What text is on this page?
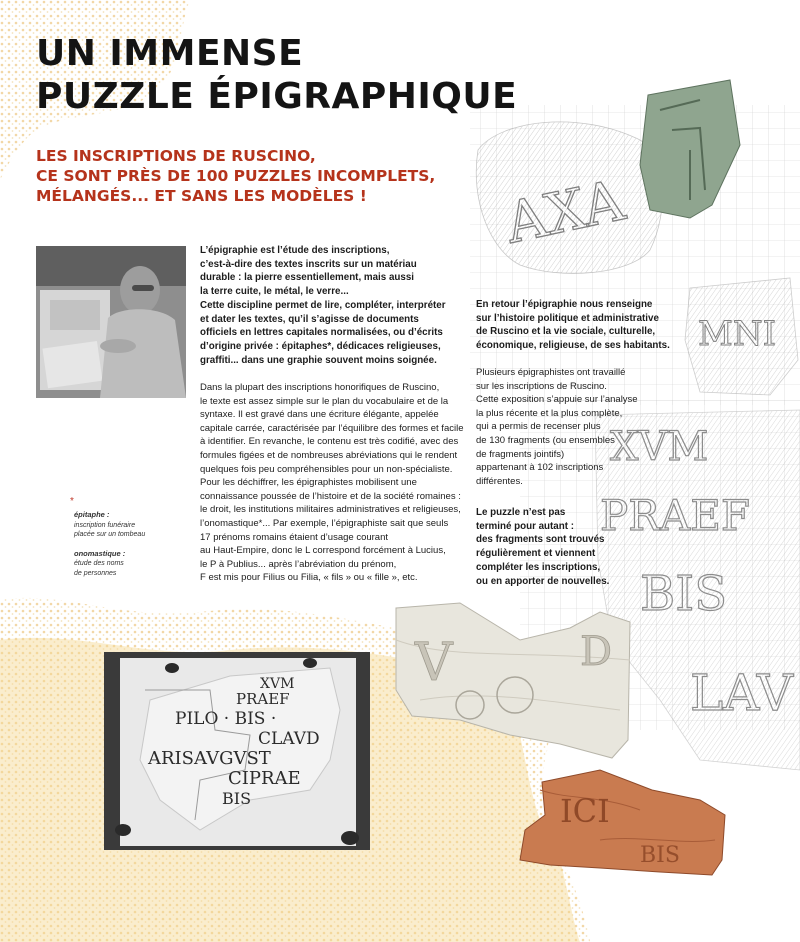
AXA
MNI
XVM
PRAEF
BIS
LAV
V	D
ICI
BIS
XVM
PRAEF
PILO · BIS ·
CLAVD
ARISAVGVST
CIPRAE
BIS
UN IMMENSE
PUZZLE ÉPIGRAPHIQUE
LES INSCRIPTIONS DE RUSCINO,
CE SONT PRÈS DE 100 PUZZLES INCOMPLETS,
MÉLANGÉS... ET SANS LES MODÈLES !

L’épigraphie est l’étude des inscriptions,

c’est-à-dire des textes inscrits sur un matériau

durable : la pierre essentiellement, mais aussi

la terre cuite, le métal, le verre...

Cette discipline permet de lire, compléter, interpréter

et dater les textes, qu’il s’agisse de documents

officiels en lettres capitales normalisées, ou d’écrits

d’origine privée : épitaphes*, dédicaces religieuses,

graffiti... dans une graphie souvent moins soignée.

Dans la plupart des inscriptions honorifiques de Ruscino,

le texte est assez simple sur le plan du vocabulaire et de la

syntaxe. Il est gravé dans une écriture élégante, appelée

capitale carrée, caractérisée par l’équilibre des formes et facile

à identifier. En revanche, le contenu est très codifié, avec des

formules figées et de nombreuses abréviations qui le rendent

quelques fois peu compréhensibles pour un non-spécialiste.

Pour les déchiffrer, les épigraphistes mobilisent une

connaissance poussée de l’histoire et de la société romaines :

le droit, les institutions militaires administratives et religieuses,

l’onomastique*... Par exemple, l’épigraphiste sait que seuls

17 prénoms romains étaient d’usage courant

au Haut-Empire, donc le L correspond forcément à Lucius,

le P à Publius... après l’abréviation du prénom,

F est mis pour Filius ou Filia, « fils » ou « fille », etc.

En retour l’épigraphie nous renseigne

sur l’histoire politique et administrative

de Ruscino et la vie sociale, culturelle,

économique, religieuse, de ses habitants.

Plusieurs épigraphistes ont travaillé

sur les inscriptions de Ruscino.

Cette exposition s’appuie sur l’analyse

la plus récente et la plus complète,

qui a permis de recenser plus

de 130 fragments (ou ensembles

de fragments jointifs)

appartenant à 102 inscriptions

différentes.

Le puzzle n’est pas

terminé pour autant :

des fragments sont trouvés

régulièrement et viennent

compléter les inscriptions,

ou en apporter de nouvelles.

*
épitaphe :
inscription funéraire
placée sur un tombeau
onomastique :
étude des noms
de personnes
